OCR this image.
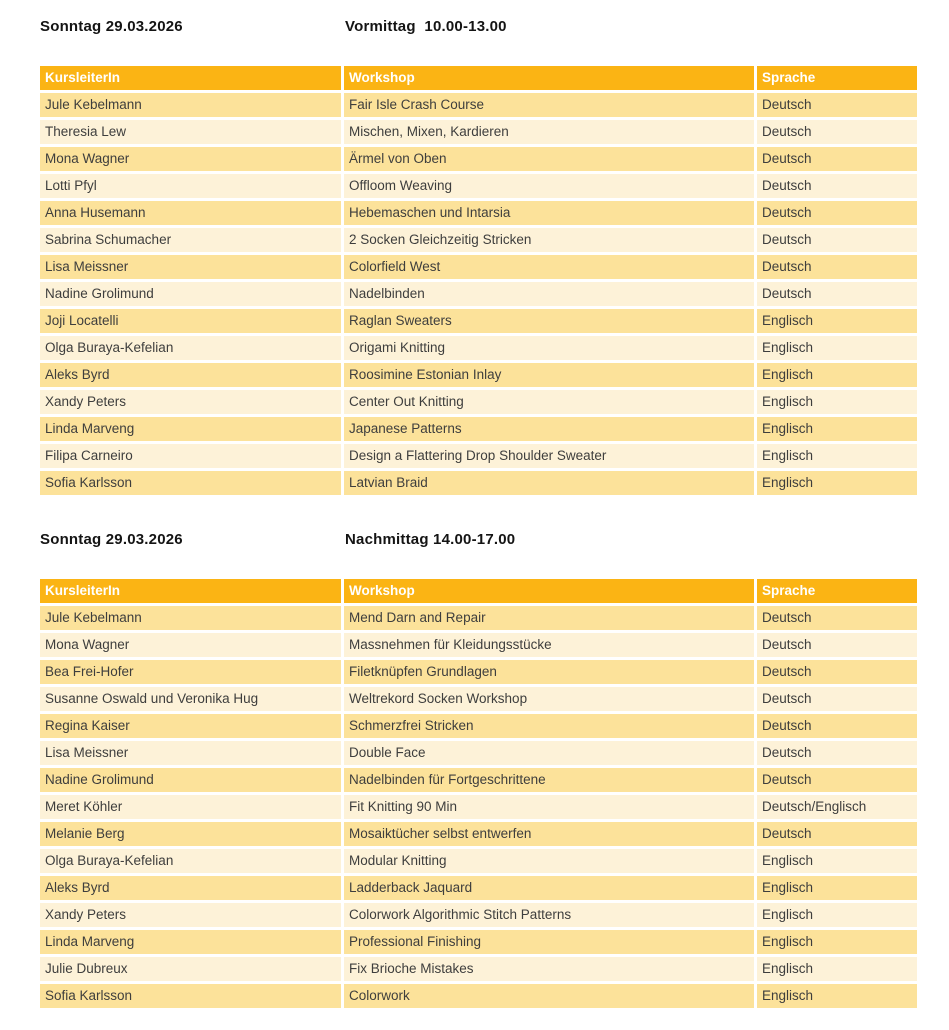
Sonntag 29.03.2026	Vormittag  10.00-13.00
KursleiterIn	Workshop	Sprache
Jule Kebelmann	Fair Isle Crash Course	Deutsch
Theresia Lew	Mischen, Mixen, Kardieren	Deutsch
Mona Wagner	Ärmel von Oben	Deutsch
Lotti Pfyl	Offloom Weaving	Deutsch
Anna Husemann	Hebemaschen und Intarsia	Deutsch
Sabrina Schumacher	2 Socken Gleichzeitig Stricken	Deutsch
Lisa Meissner	Colorfield West	Deutsch
Nadine Grolimund	Nadelbinden	Deutsch
Joji Locatelli	Raglan Sweaters	Englisch
Olga Buraya-Kefelian	Origami Knitting	Englisch
Aleks Byrd	Roosimine Estonian Inlay	Englisch
Xandy Peters	Center Out Knitting	Englisch
Linda Marveng	Japanese Patterns	Englisch
Filipa Carneiro	Design a Flattering Drop Shoulder Sweater	Englisch
Sofia Karlsson	Latvian Braid	Englisch
Sonntag 29.03.2026	Nachmittag 14.00-17.00
KursleiterIn	Workshop	Sprache
Jule Kebelmann	Mend Darn and Repair	Deutsch
Mona Wagner	Massnehmen für Kleidungsstücke	Deutsch
Bea Frei-Hofer	Filetknüpfen Grundlagen	Deutsch
Susanne Oswald und Veronika Hug	Weltrekord Socken Workshop	Deutsch
Regina Kaiser	Schmerzfrei Stricken	Deutsch
Lisa Meissner	Double Face	Deutsch
Nadine Grolimund	Nadelbinden für Fortgeschrittene	Deutsch
Meret Köhler	Fit Knitting 90 Min	Deutsch/Englisch
Melanie Berg	Mosaiktücher selbst entwerfen	Deutsch
Olga Buraya-Kefelian	Modular Knitting	Englisch
Aleks Byrd	Ladderback Jaquard	Englisch
Xandy Peters	Colorwork Algorithmic Stitch Patterns	Englisch
Linda Marveng	Professional Finishing	Englisch
Julie Dubreux	Fix Brioche Mistakes	Englisch
Sofia Karlsson	Colorwork	Englisch
